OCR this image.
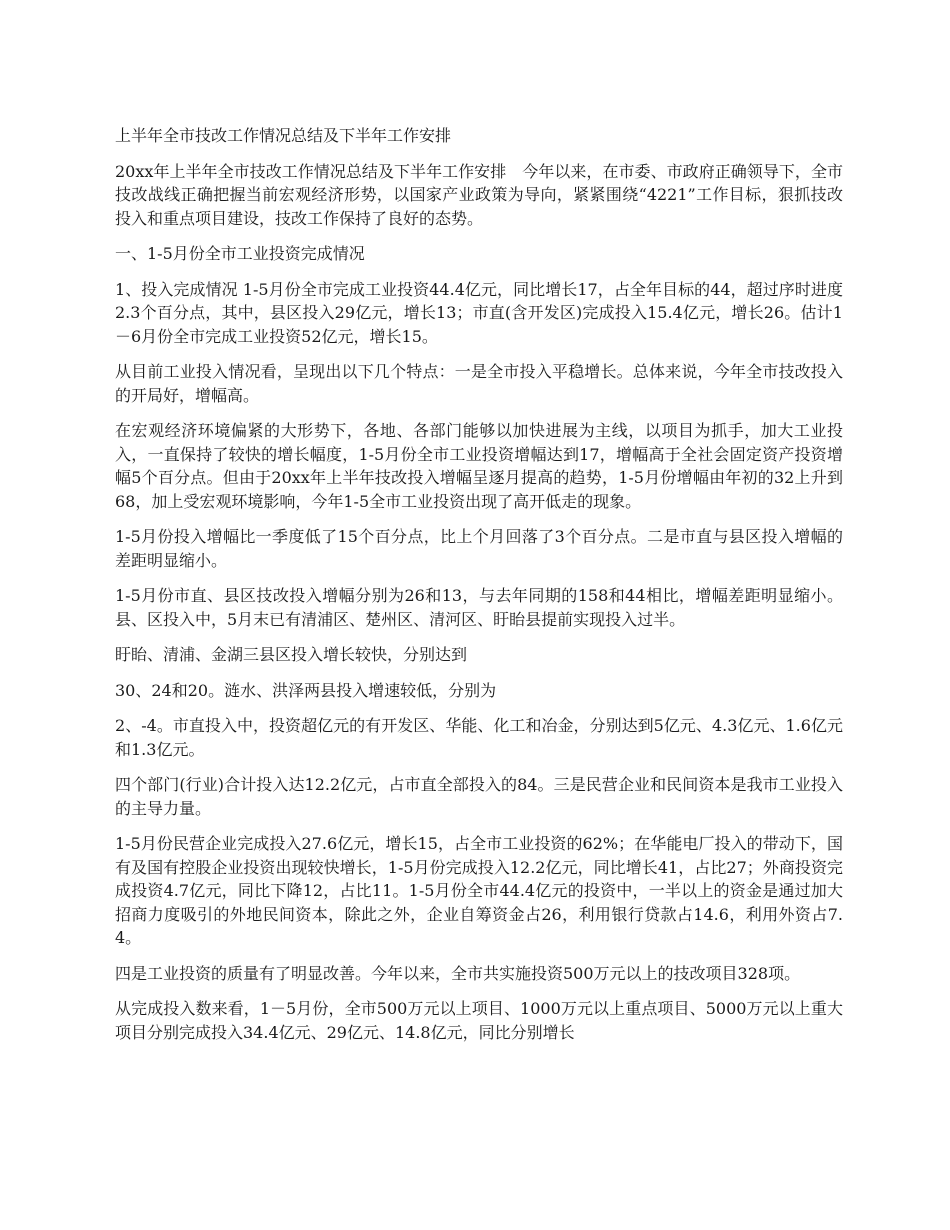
上半年全市技改工作情况总结及下半年工作安排

20xx年上半年全市技改工作情况总结及下半年工作安排　今年以来，在市委、市政府正确领导下，全市技改战线正确把握当前宏观经济形势，以国家产业政策为导向，紧紧围绕“4221”工作目标，狠抓技改投入和重点项目建设，技改工作保持了良好的态势。

一、1-5月份全市工业投资完成情况

1、投入完成情况 1-5月份全市完成工业投资44.4亿元，同比增长17，占全年目标的44，超过序时进度2.3个百分点，其中，县区投入29亿元，增长13；市直(含开发区)完成投入15.4亿元，增长26。估计1－6月份全市完成工业投资52亿元，增长15。

从目前工业投入情况看，呈现出以下几个特点：一是全市投入平稳增长。总体来说，今年全市技改投入的开局好，增幅高。

在宏观经济环境偏紧的大形势下，各地、各部门能够以加快进展为主线，以项目为抓手，加大工业投入，一直保持了较快的增长幅度，1-5月份全市工业投资增幅达到17，增幅高于全社会固定资产投资增幅5个百分点。但由于20xx年上半年技改投入增幅呈逐月提高的趋势，1-5月份增幅由年初的32上升到68，加上受宏观环境影响，今年1-5全市工业投资出现了高开低走的现象。

1-5月份投入增幅比一季度低了15个百分点，比上个月回落了3个百分点。二是市直与县区投入增幅的差距明显缩小。

1-5月份市直、县区技改投入增幅分别为26和13，与去年同期的158和44相比，增幅差距明显缩小。县、区投入中，5月末已有清浦区、楚州区、清河区、盱眙县提前实现投入过半。

盱眙、清浦、金湖三县区投入增长较快，分别达到

30、24和20。涟水、洪泽两县投入增速较低，分别为

2、-4。市直投入中，投资超亿元的有开发区、华能、化工和冶金，分别达到5亿元、4.3亿元、1.6亿元和1.3亿元。

四个部门(行业)合计投入达12.2亿元，占市直全部投入的84。三是民营企业和民间资本是我市工业投入的主导力量。

1-5月份民营企业完成投入27.6亿元，增长15，占全市工业投资的62%；在华能电厂投入的带动下，国有及国有控股企业投资出现较快增长，1-5月份完成投入12.2亿元，同比增长41，占比27；外商投资完成投资4.7亿元，同比下降12，占比11。1-5月份全市44.4亿元的投资中，一半以上的资金是通过加大招商力度吸引的外地民间资本，除此之外，企业自筹资金占26，利用银行贷款占14.6，利用外资占7.4。

四是工业投资的质量有了明显改善。今年以来，全市共实施投资500万元以上的技改项目328项。

从完成投入数来看，1－5月份，全市500万元以上项目、1000万元以上重点项目、5000万元以上重大项目分别完成投入34.4亿元、29亿元、14.8亿元，同比分别增长
